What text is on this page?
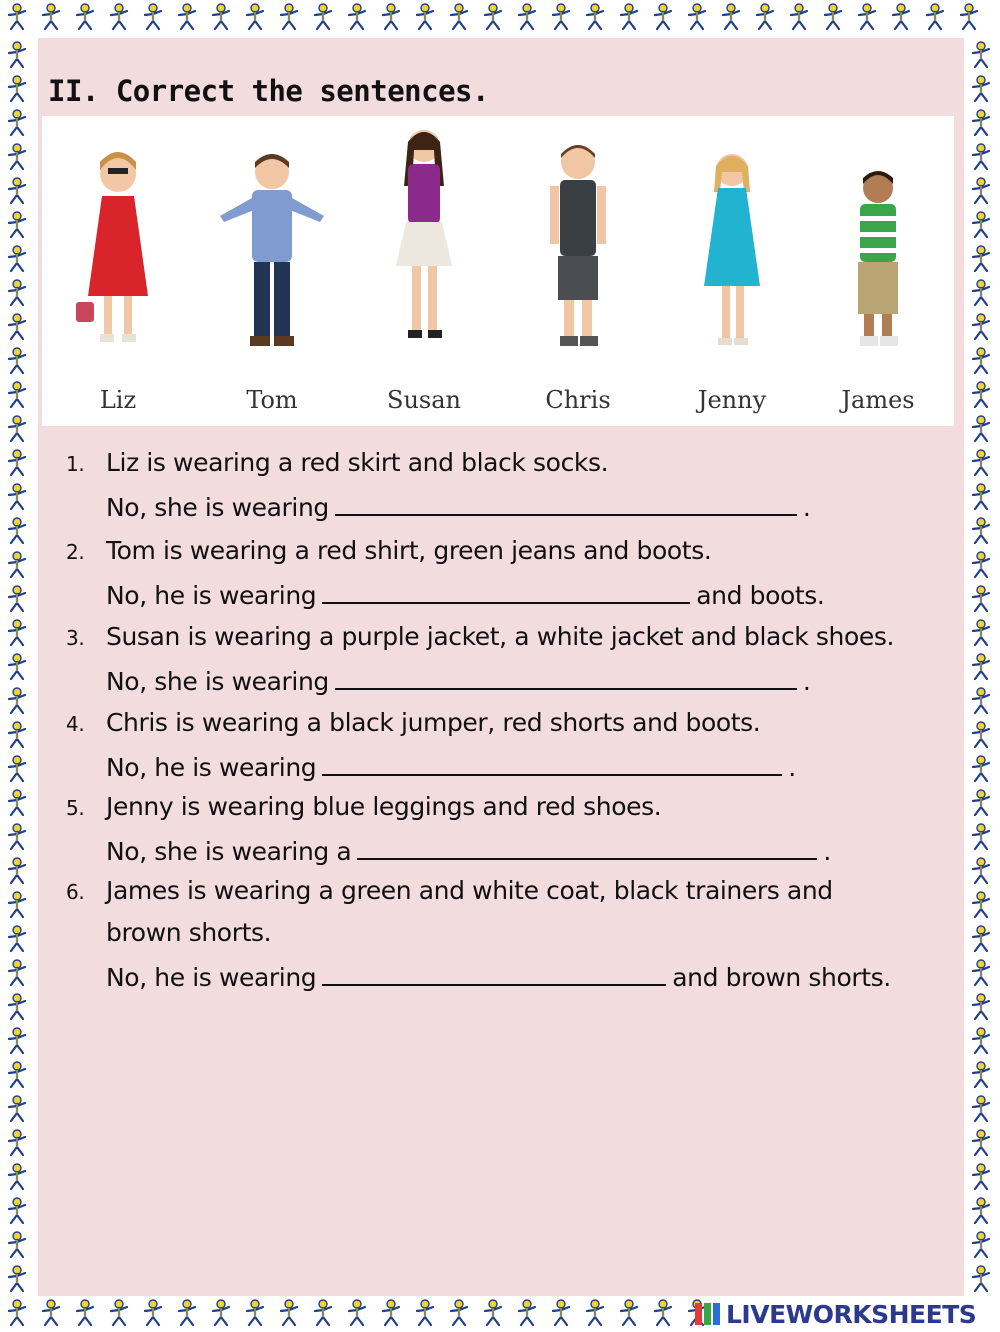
II. Correct the sentences.
Liz	Tom	Susan	Chris	Jenny	James
1. Liz is wearing a red skirt and black socks.
No, she is wearing	.
2. Tom is wearing a red shirt, green jeans and boots.
No, he is wearing	and boots.
3. Susan is wearing a purple jacket, a white jacket and black shoes.
No, she is wearing	.
4. Chris is wearing a black jumper, red shorts and boots.
No, he is wearing	.
5. Jenny is wearing blue leggings and red shoes.
No, she is wearing a	.
6. James is wearing a green and white coat, black trainers and
brown shorts.
No, he is wearing	and brown shorts.
LIVEWORKSHEETS
